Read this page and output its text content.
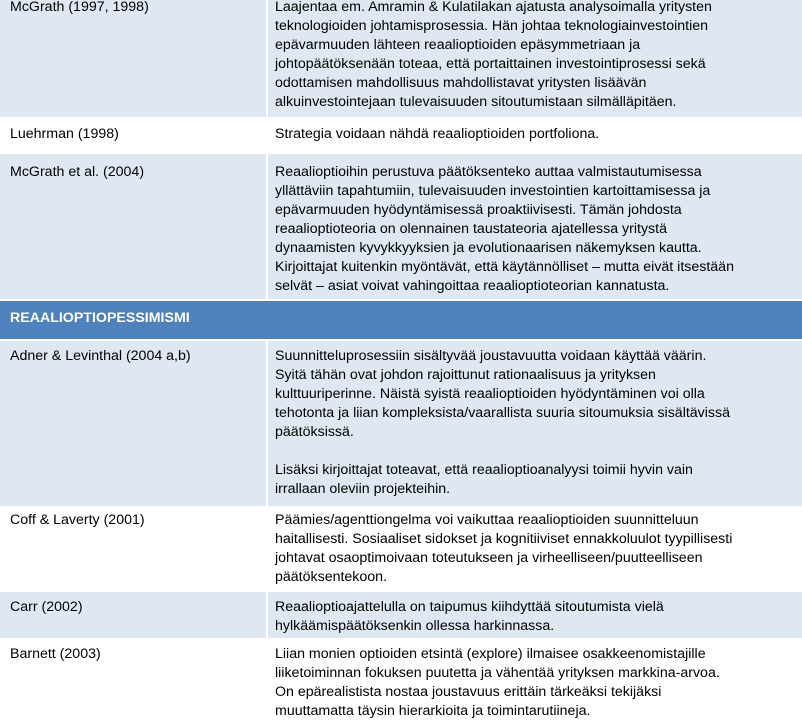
McGrath (1997, 1998)	Laajentaa em. Amramin & Kulatilakan ajatusta analysoimalla yritysten
teknologioiden johtamisprosessia. Hän johtaa teknologiainvestointien
epävarmuuden lähteen reaalioptioiden epäsymmetriaan ja
johtopäätöksenään toteaa, että portaittainen investointiprosessi sekä
odottamisen mahdollisuus mahdollistavat yritysten lisäävän
alkuinvestointejaan tulevaisuuden sitoutumistaan silmälläpitäen.
Luehrman (1998)	Strategia voidaan nähdä reaalioptioiden portfoliona.
McGrath et al. (2004)	Reaalioptioihin perustuva päätöksenteko auttaa valmistautumisessa
yllättäviin tapahtumiin, tulevaisuuden investointien kartoittamisessa ja
epävarmuuden hyödyntämisessä proaktiivisesti. Tämän johdosta
reaalioptioteoria on olennainen taustateoria ajatellessa yritystä
dynaamisten kyvykkyyksien ja evolutionaarisen näkemyksen kautta.
Kirjoittajat kuitenkin myöntävät, että käytännölliset – mutta eivät itsestään
selvät – asiat voivat vahingoittaa reaalioptioteorian kannatusta.
REAALIOPTIOPESSIMISMI
Adner & Levinthal (2004 a,b)	Suunnitteluprosessiin sisältyvää joustavuutta voidaan käyttää väärin.
Syitä tähän ovat johdon rajoittunut rationaalisuus ja yrityksen
kulttuuriperinne. Näistä syistä reaalioptioiden hyödyntäminen voi olla
tehotonta ja liian kompleksista/vaarallista suuria sitoumuksia sisältävissä
päätöksissä.

Lisäksi kirjoittajat toteavat, että reaalioptioanalyysi toimii hyvin vain
irrallaan oleviin projekteihin.
Coff & Laverty (2001)	Päämies/agenttiongelma voi vaikuttaa reaalioptioiden suunnitteluun
haitallisesti. Sosiaaliset sidokset ja kognitiiviset ennakkoluulot tyypillisesti
johtavat osaoptimoivaan toteutukseen ja virheelliseen/puutteelliseen
päätöksentekoon.
Carr (2002)	Reaalioptioajattelulla on taipumus kiihdyttää sitoutumista vielä
hylkäämispäätöksenkin ollessa harkinnassa.
Barnett (2003)	Liian monien optioiden etsintä (explore) ilmaisee osakkeenomistajille
liiketoiminnan fokuksen puutetta ja vähentää yrityksen markkina-arvoa.
On epärealistista nostaa joustavuus erittäin tärkeäksi tekijäksi
muuttamatta täysin hierarkioita ja toimintarutiineja.
